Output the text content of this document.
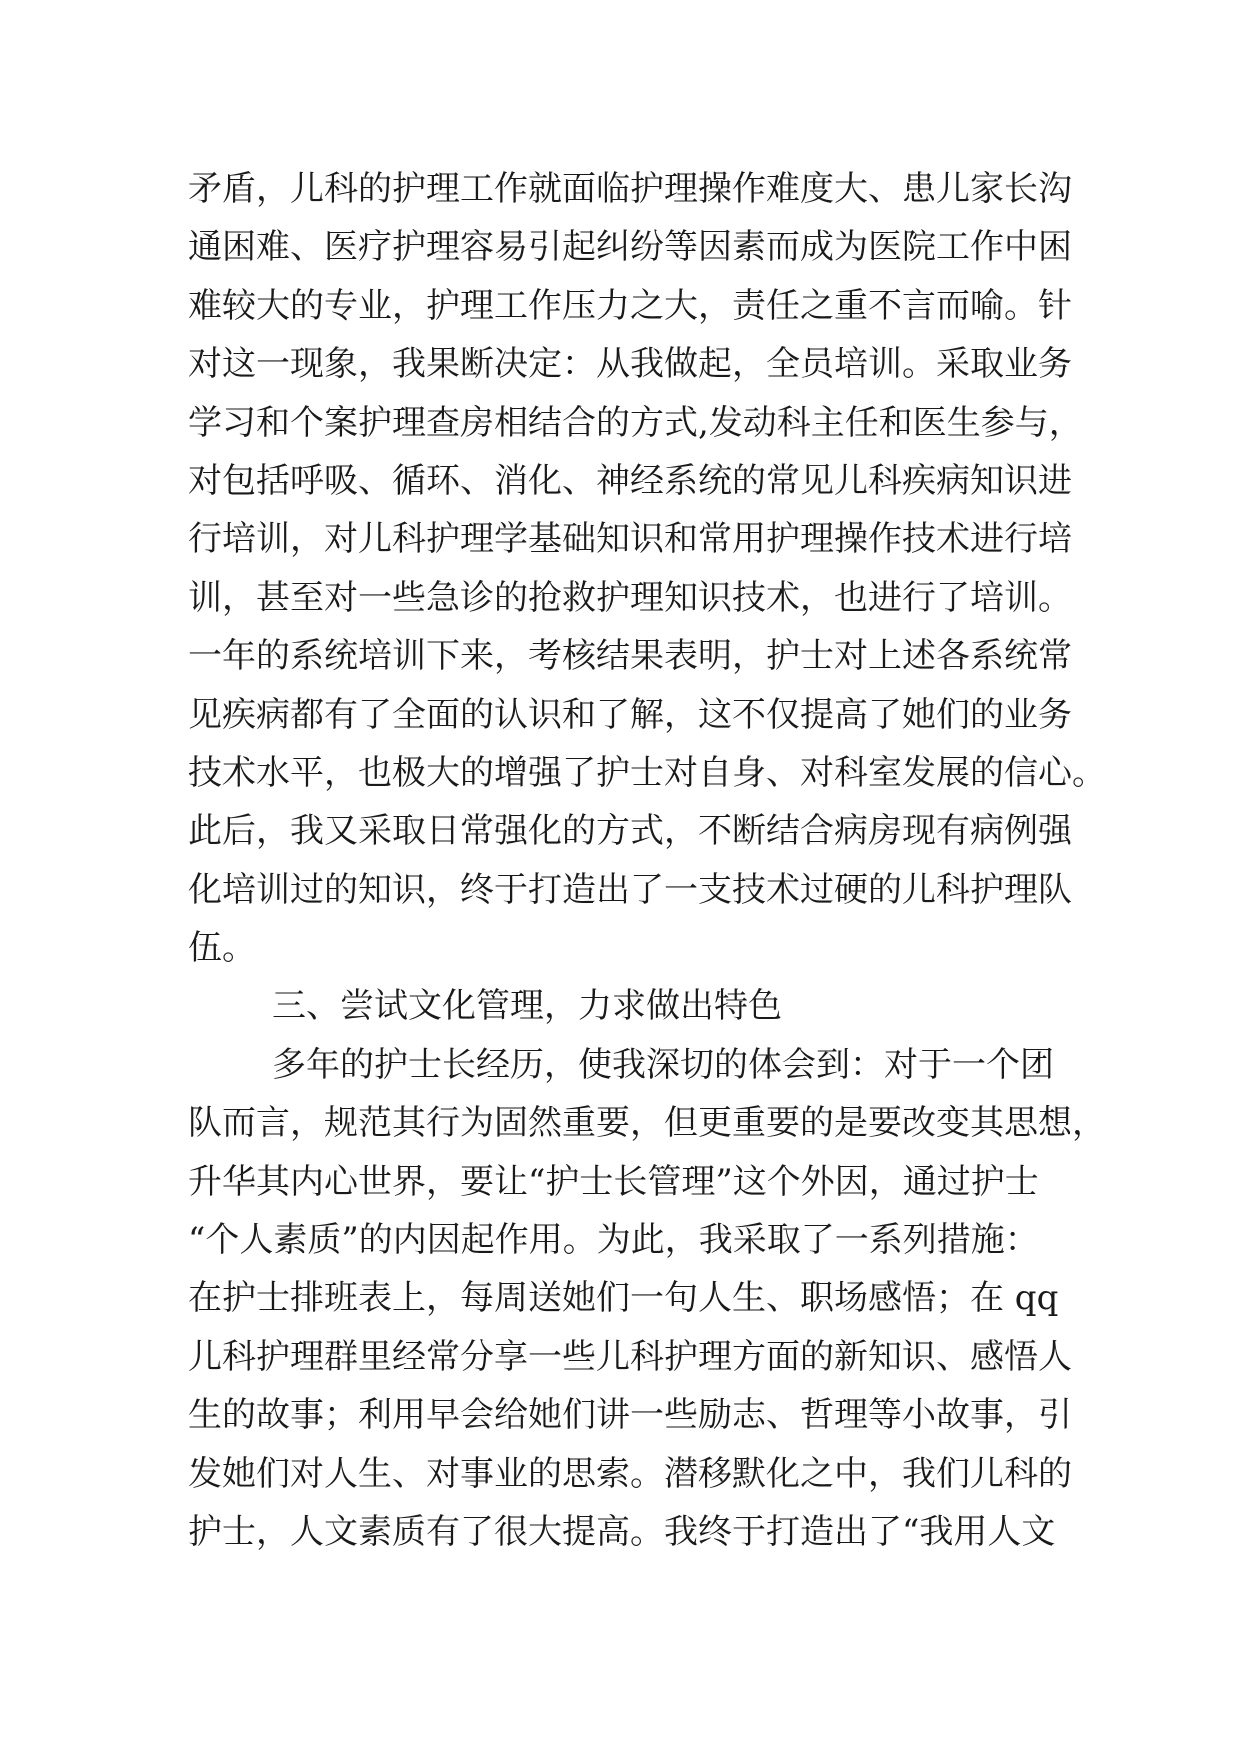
矛盾，儿科的护理工作就面临护理操作难度大、患儿家长沟
通困难、医疗护理容易引起纠纷等因素而成为医院工作中困
难较大的专业，护理工作压力之大，责任之重不言而喻。针
对这一现象，我果断决定：从我做起，全员培训。采取业务
学习和个案护理查房相结合的方式,发动科主任和医生参与，
对包括呼吸、循环、消化、神经系统的常见儿科疾病知识进
行培训，对儿科护理学基础知识和常用护理操作技术进行培
训，甚至对一些急诊的抢救护理知识技术，也进行了培训。
一年的系统培训下来，考核结果表明，护士对上述各系统常
见疾病都有了全面的认识和了解，这不仅提高了她们的业务
技术水平，也极大的增强了护士对自身、对科室发展的信心。
此后，我又采取日常强化的方式，不断结合病房现有病例强
化培训过的知识，终于打造出了一支技术过硬的儿科护理队
伍。
三、尝试文化管理，力求做出特色
多年的护士长经历，使我深切的体会到：对于一个团
队而言，规范其行为固然重要，但更重要的是要改变其思想，
升华其内心世界，要让“护士长管理”这个外因，通过护士
“个人素质”的内因起作用。为此，我采取了一系列措施：
在护士排班表上，每周送她们一句人生、职场感悟；在 qq
儿科护理群里经常分享一些儿科护理方面的新知识、感悟人
生的故事；利用早会给她们讲一些励志、哲理等小故事，引
发她们对人生、对事业的思索。潜移默化之中，我们儿科的
护士，人文素质有了很大提高。我终于打造出了“我用人文
